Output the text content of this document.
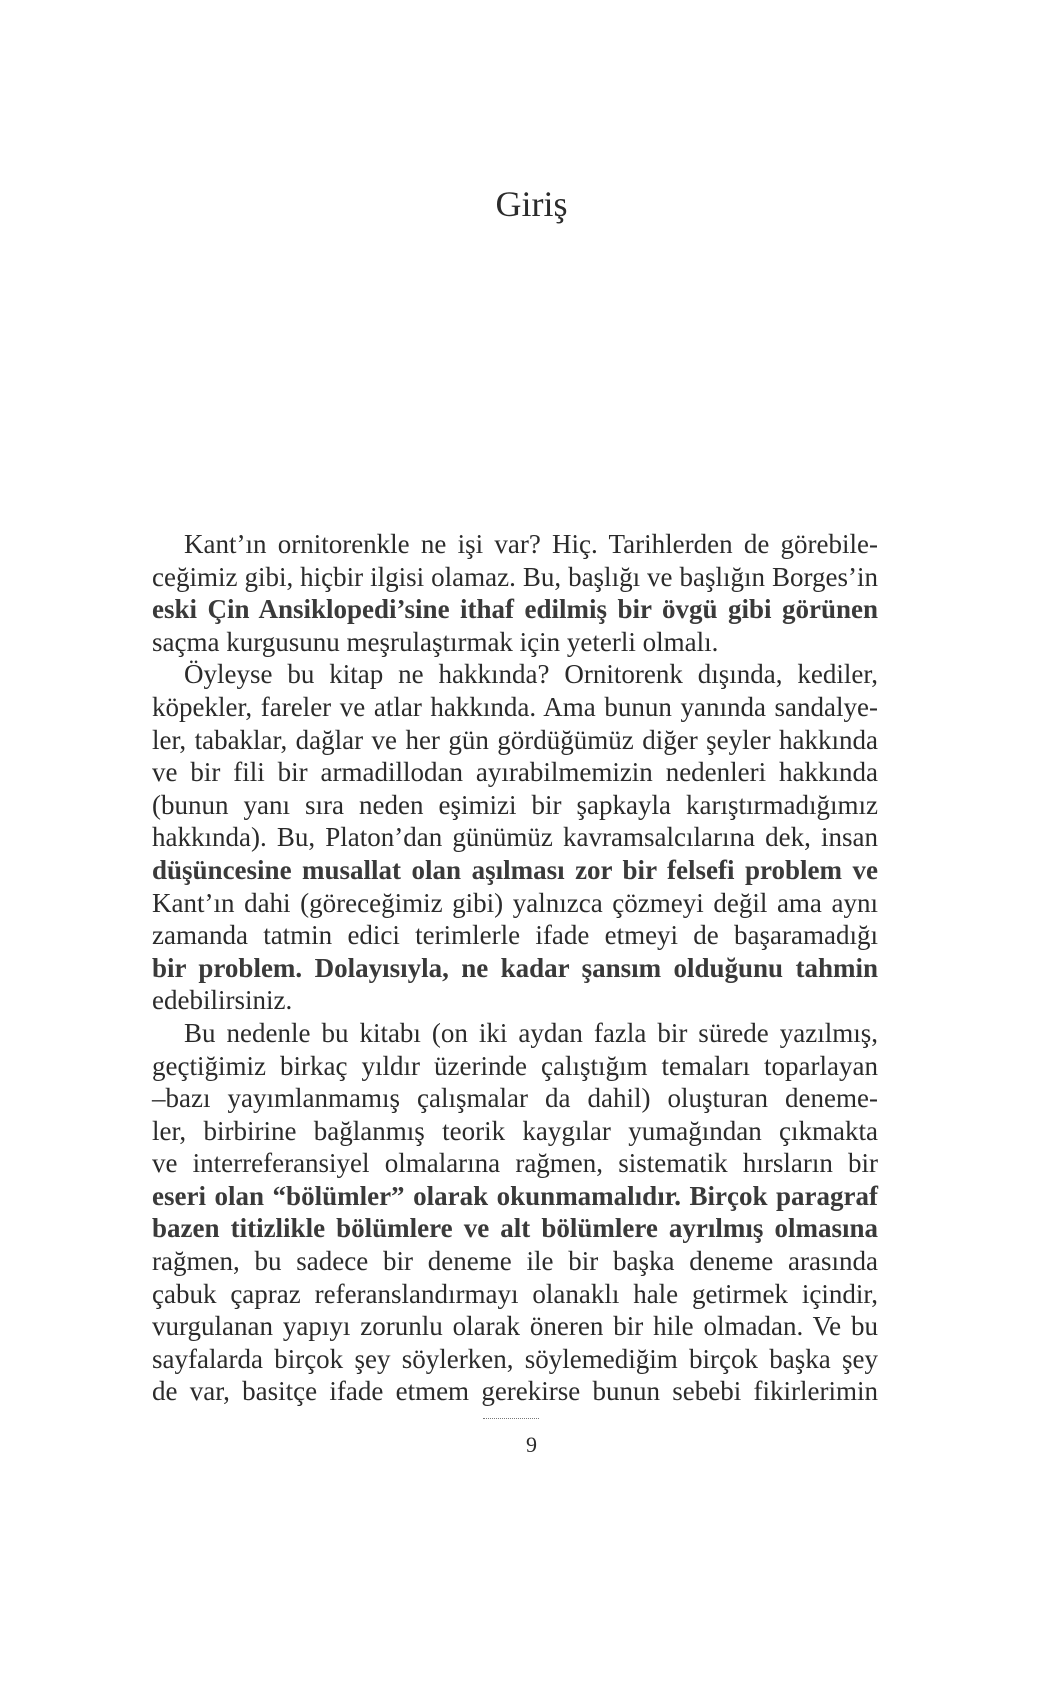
Giriş
Kant’ın ornitorenkle ne işi var? Hiç. Tarihlerden de görebile-
ceğimiz gibi, hiçbir ilgisi olamaz. Bu, başlığı ve başlığın Borges’in
eski Çin Ansiklopedi’sine ithaf edilmiş bir övgü gibi görünen
saçma kurgusunu meşrulaştırmak için yeterli olmalı.
Öyleyse bu kitap ne hakkında? Ornitorenk dışında, kediler,
köpekler, fareler ve atlar hakkında. Ama bunun yanında sandalye-
ler, tabaklar, dağlar ve her gün gördüğümüz diğer şeyler hakkında
ve bir fili bir armadillodan ayırabilmemizin nedenleri hakkında
(bunun yanı sıra neden eşimizi bir şapkayla karıştırmadığımız
hakkında). Bu, Platon’dan günümüz kavramsalcılarına dek, insan
düşüncesine musallat olan aşılması zor bir felsefi problem ve
Kant’ın dahi (göreceğimiz gibi) yalnızca çözmeyi değil ama aynı
zamanda tatmin edici terimlerle ifade etmeyi de başaramadığı
bir problem. Dolayısıyla, ne kadar şansım olduğunu tahmin
edebilirsiniz.
Bu nedenle bu kitabı (on iki aydan fazla bir sürede yazılmış,
geçtiğimiz birkaç yıldır üzerinde çalıştığım temaları toparlayan
–bazı yayımlanmamış çalışmalar da dahil) oluşturan deneme-
ler, birbirine bağlanmış teorik kaygılar yumağından çıkmakta
ve interreferansiyel olmalarına rağmen, sistematik hırsların bir
eseri olan “bölümler” olarak okunmamalıdır. Birçok paragraf
bazen titizlikle bölümlere ve alt bölümlere ayrılmış olmasına
rağmen, bu sadece bir deneme ile bir başka deneme arasında
çabuk çapraz referanslandırmayı olanaklı hale getirmek içindir,
vurgulanan yapıyı zorunlu olarak öneren bir hile olmadan. Ve bu
sayfalarda birçok şey söylerken, söylemediğim birçok başka şey
de var, basitçe ifade etmem gerekirse bunun sebebi fikirlerimin
9
